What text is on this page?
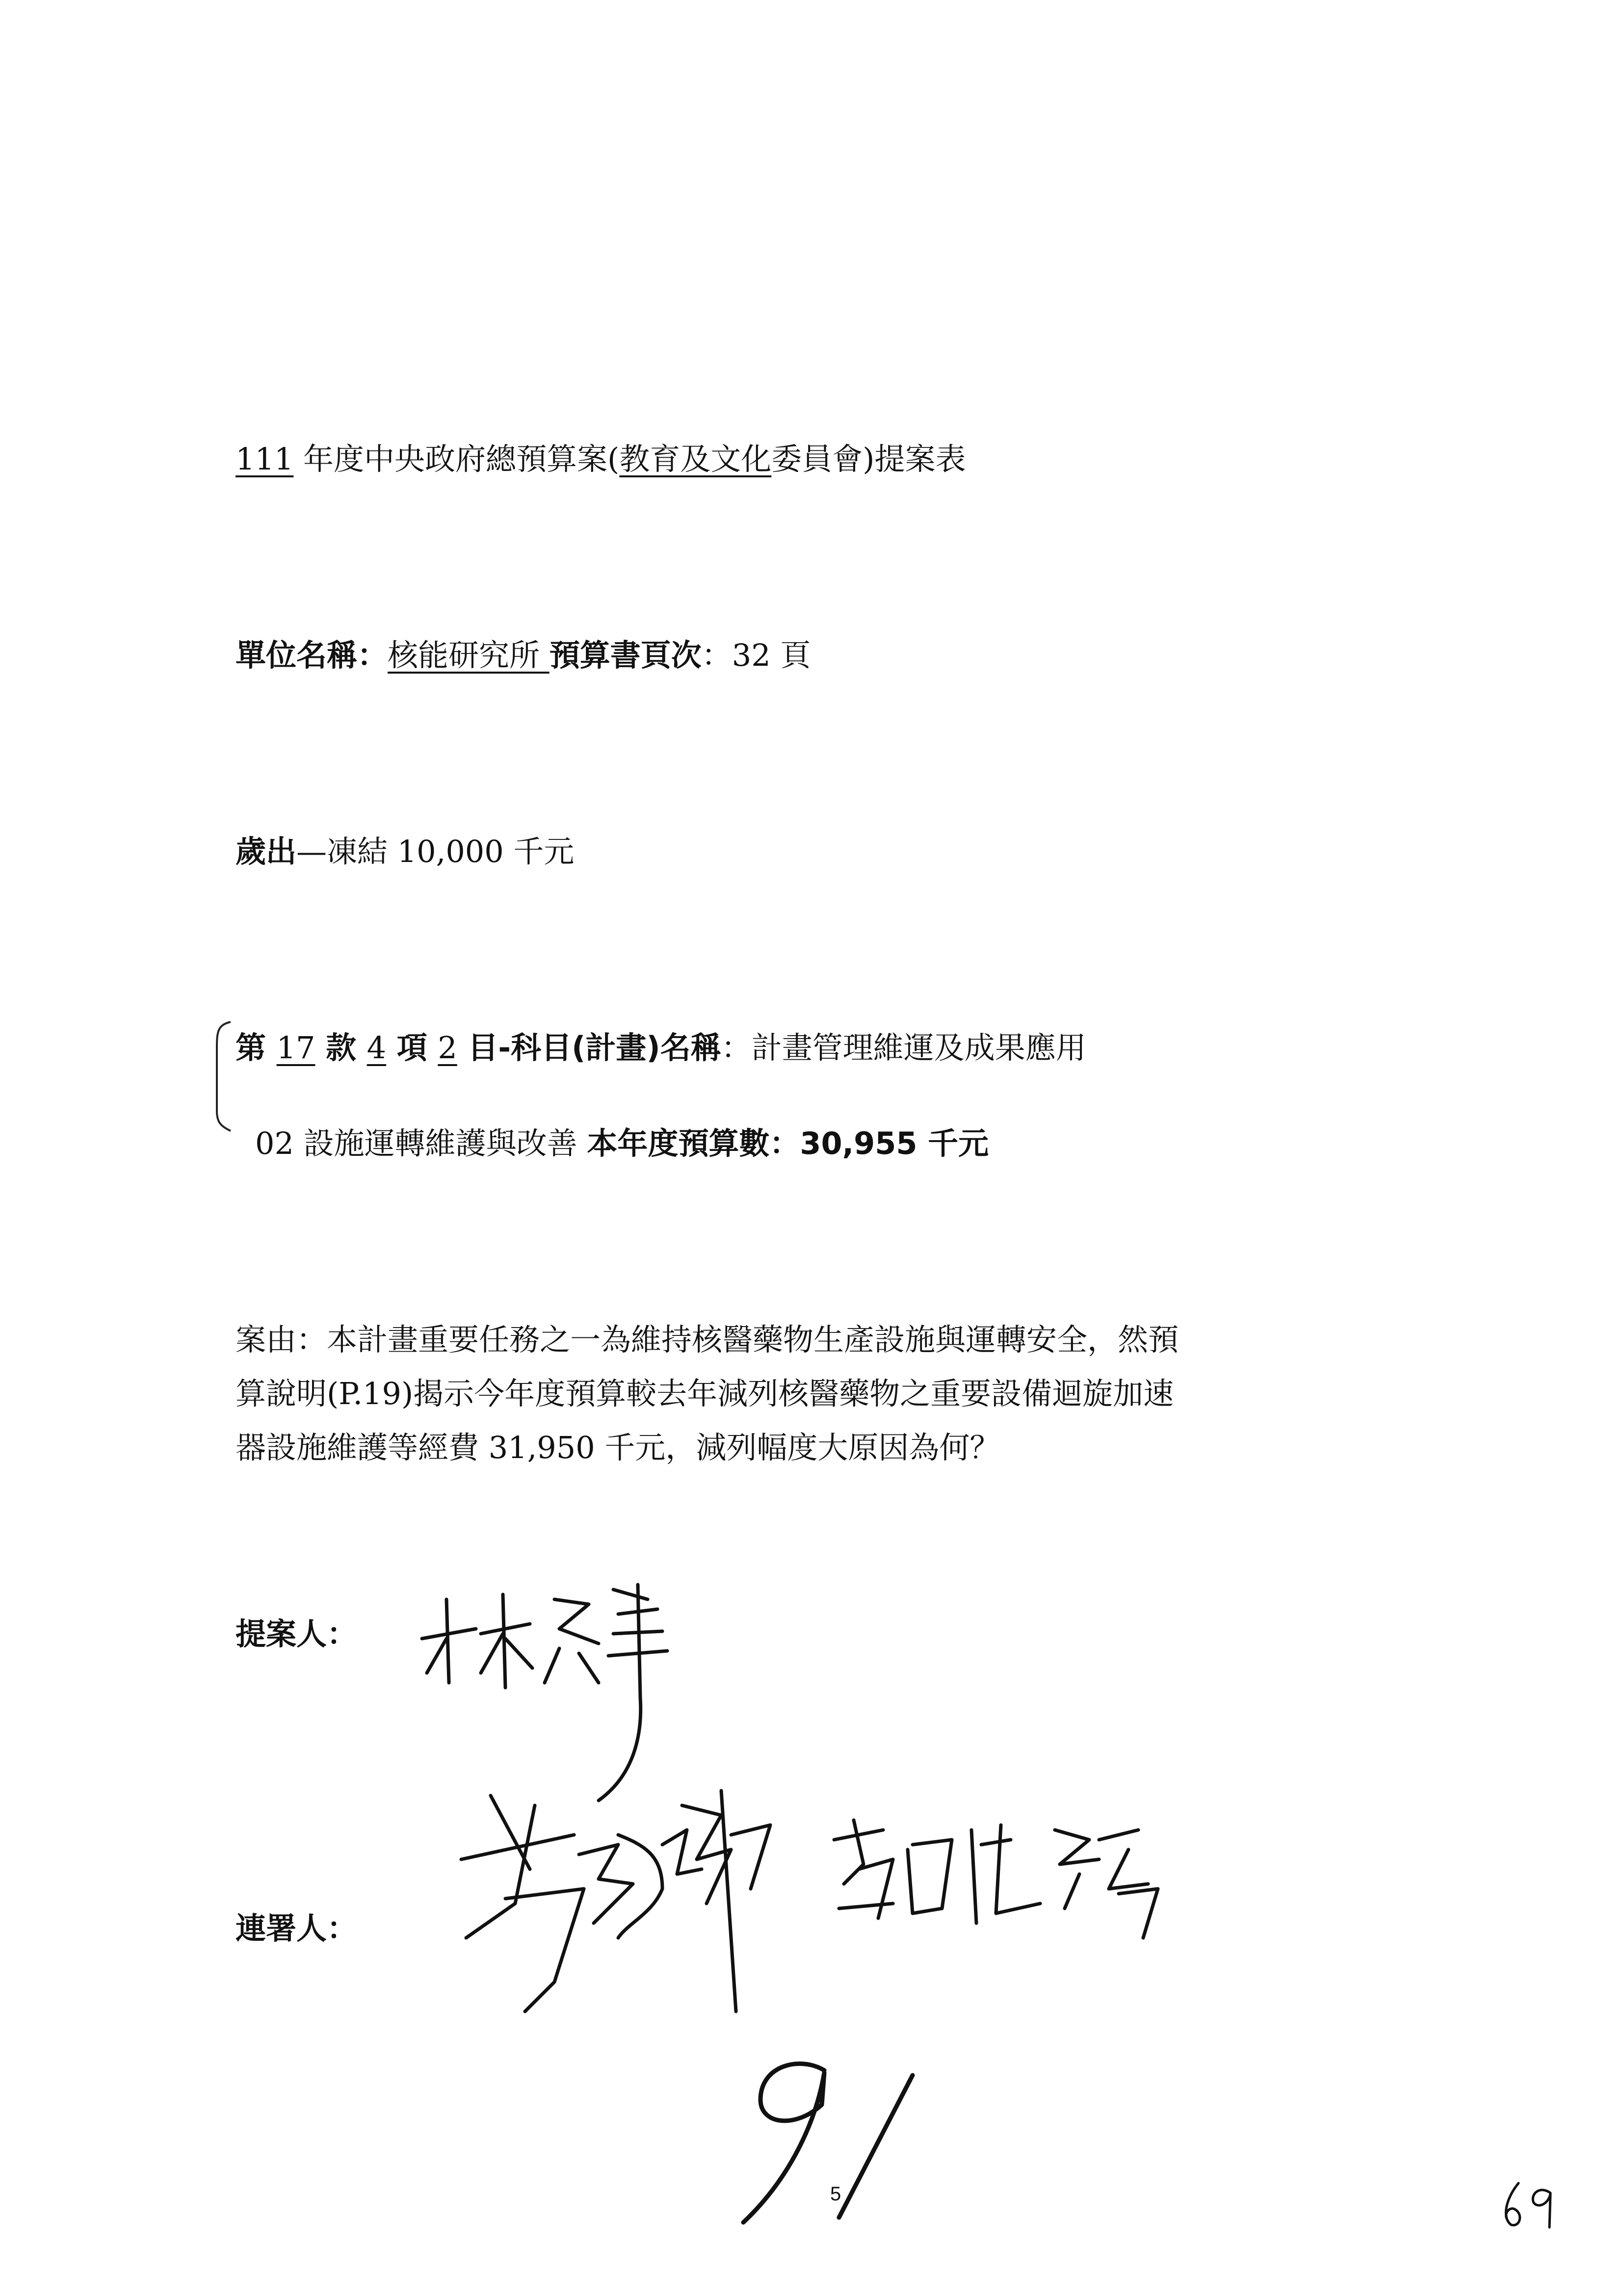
111 年度中央政府總預算案(教育及文化委員會)提案表
單位名稱：核能研究所 預算書頁次：32 頁
歲出—凍結 10,000 千元
第 17 款 4 項 2 目-科目(計畫)名稱：計畫管理維運及成果應用
02 設施運轉維護與改善 本年度預算數：30,955 千元
案由：本計畫重要任務之一為維持核醫藥物生產設施與運轉安全，然預
算說明(P.19)揭示今年度預算較去年減列核醫藥物之重要設備迴旋加速
器設施維護等經費 31,950 千元，減列幅度大原因為何？
提案人：
連署人：
5
